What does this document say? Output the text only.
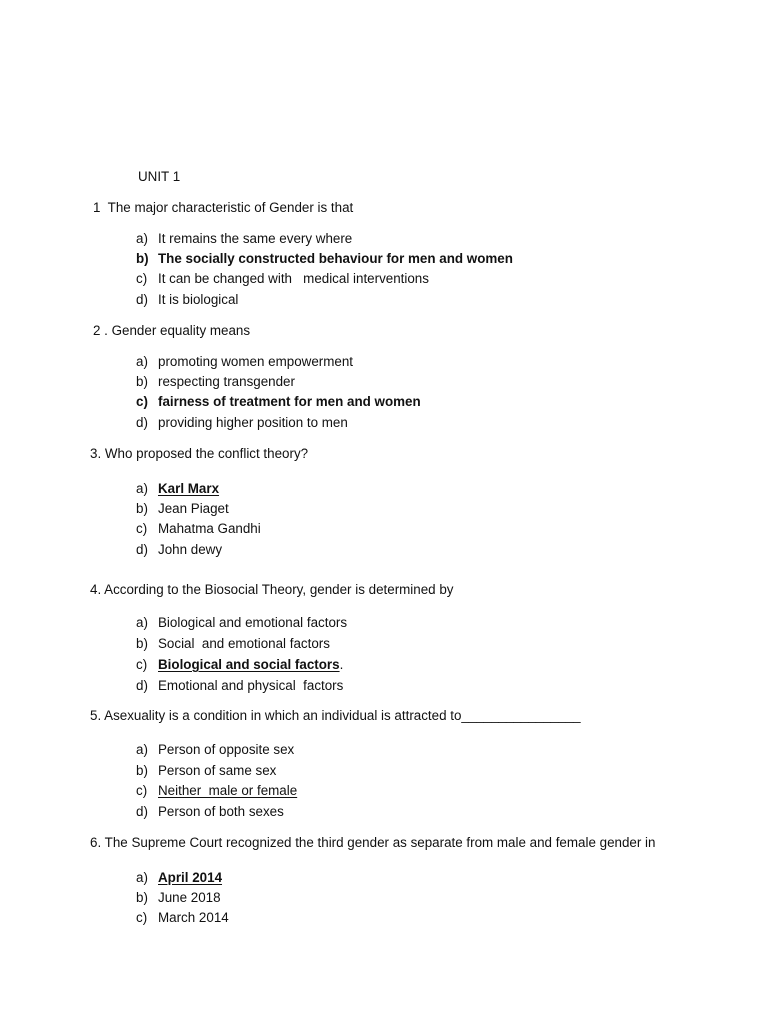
UNIT 1
1  The major characteristic of Gender is that
a) It remains the same every where
b) The socially constructed behaviour for men and women
c) It can be changed with   medical interventions
d) It is biological
2 . Gender equality means
a) promoting women empowerment
b) respecting transgender
c) fairness of treatment for men and women
d) providing higher position to men
3. Who proposed the conflict theory?
a) Karl Marx
b) Jean Piaget
c) Mahatma Gandhi
d) John dewy
4. According to the Biosocial Theory, gender is determined by
a) Biological and emotional factors
b) Social  and emotional factors
c) Biological and social factors.
d) Emotional and physical  factors
5. Asexuality is a condition in which an individual is attracted to________________
a) Person of opposite sex
b) Person of same sex
c) Neither  male or female
d) Person of both sexes
6. The Supreme Court recognized the third gender as separate from male and female gender in
a) April 2014
b) June 2018
c) March 2014
